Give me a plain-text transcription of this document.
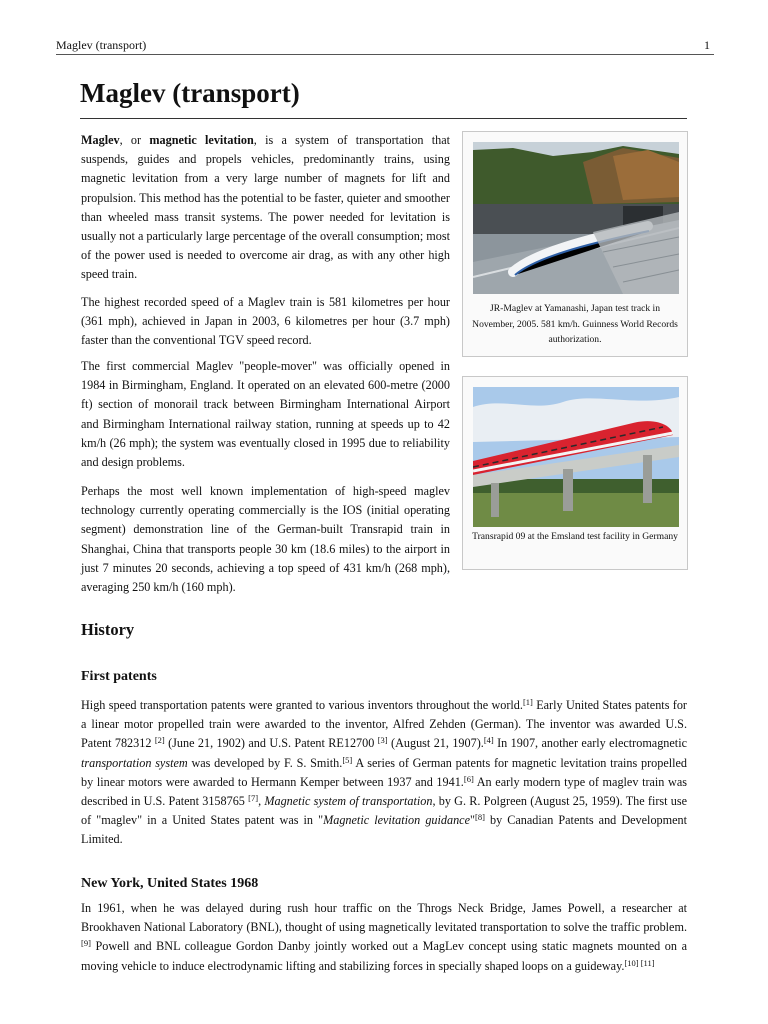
Maglev (transport)	1
Maglev (transport)

Maglev, or magnetic levitation, is a system of transportation that suspends, guides and propels vehicles, predominantly trains, using magnetic levitation from a very large number of magnets for lift and propulsion. This method has the potential to be faster, quieter and smoother than wheeled mass transit systems. The power needed for levitation is usually not a particularly large percentage of the overall consumption; most of the power used is needed to overcome air drag, as with any other high speed train.

The highest recorded speed of a Maglev train is 581 kilometres per hour (361 mph), achieved in Japan in 2003, 6 kilometres per hour (3.7 mph) faster than the conventional TGV speed record.

The first commercial Maglev "people-mover" was officially opened in 1984 in Birmingham, England. It operated on an elevated 600-metre (2000 ft) section of monorail track between Birmingham International Airport and Birmingham International railway station, running at speeds up to 42 km/h (26 mph); the system was eventually closed in 1995 due to reliability and design problems.

Perhaps the most well known implementation of high-speed maglev technology currently operating commercially is the IOS (initial operating segment) demonstration line of the German-built Transrapid train in Shanghai, China that transports people 30 km (18.6 miles) to the airport in just 7 minutes 20 seconds, achieving a top speed of 431 km/h (268 mph), averaging 250 km/h (160 mph).

JR-Maglev at Yamanashi, Japan test track in November, 2005. 581 km/h. Guinness World Records authorization.
Transrapid 09 at the Emsland test facility in Germany
History
First patents

High speed transportation patents were granted to various inventors throughout the world.[1] Early United States patents for a linear motor propelled train were awarded to the inventor, Alfred Zehden (German). The inventor was awarded U.S. Patent 782312 [2] (June 21, 1902) and U.S. Patent RE12700 [3] (August 21, 1907).[4] In 1907, another early electromagnetic transportation system was developed by F. S. Smith.[5] A series of German patents for magnetic levitation trains propelled by linear motors were awarded to Hermann Kemper between 1937 and 1941.[6] An early modern type of maglev train was described in U.S. Patent 3158765 [7], Magnetic system of transportation, by G. R. Polgreen (August 25, 1959). The first use of "maglev" in a United States patent was in "Magnetic levitation guidance"[8] by Canadian Patents and Development Limited.

New York, United States 1968

In 1961, when he was delayed during rush hour traffic on the Throgs Neck Bridge, James Powell, a researcher at Brookhaven National Laboratory (BNL), thought of using magnetically levitated transportation to solve the traffic problem.[9] Powell and BNL colleague Gordon Danby jointly worked out a MagLev concept using static magnets mounted on a moving vehicle to induce electrodynamic lifting and stabilizing forces in specially shaped loops on a guideway.[10] [11]
